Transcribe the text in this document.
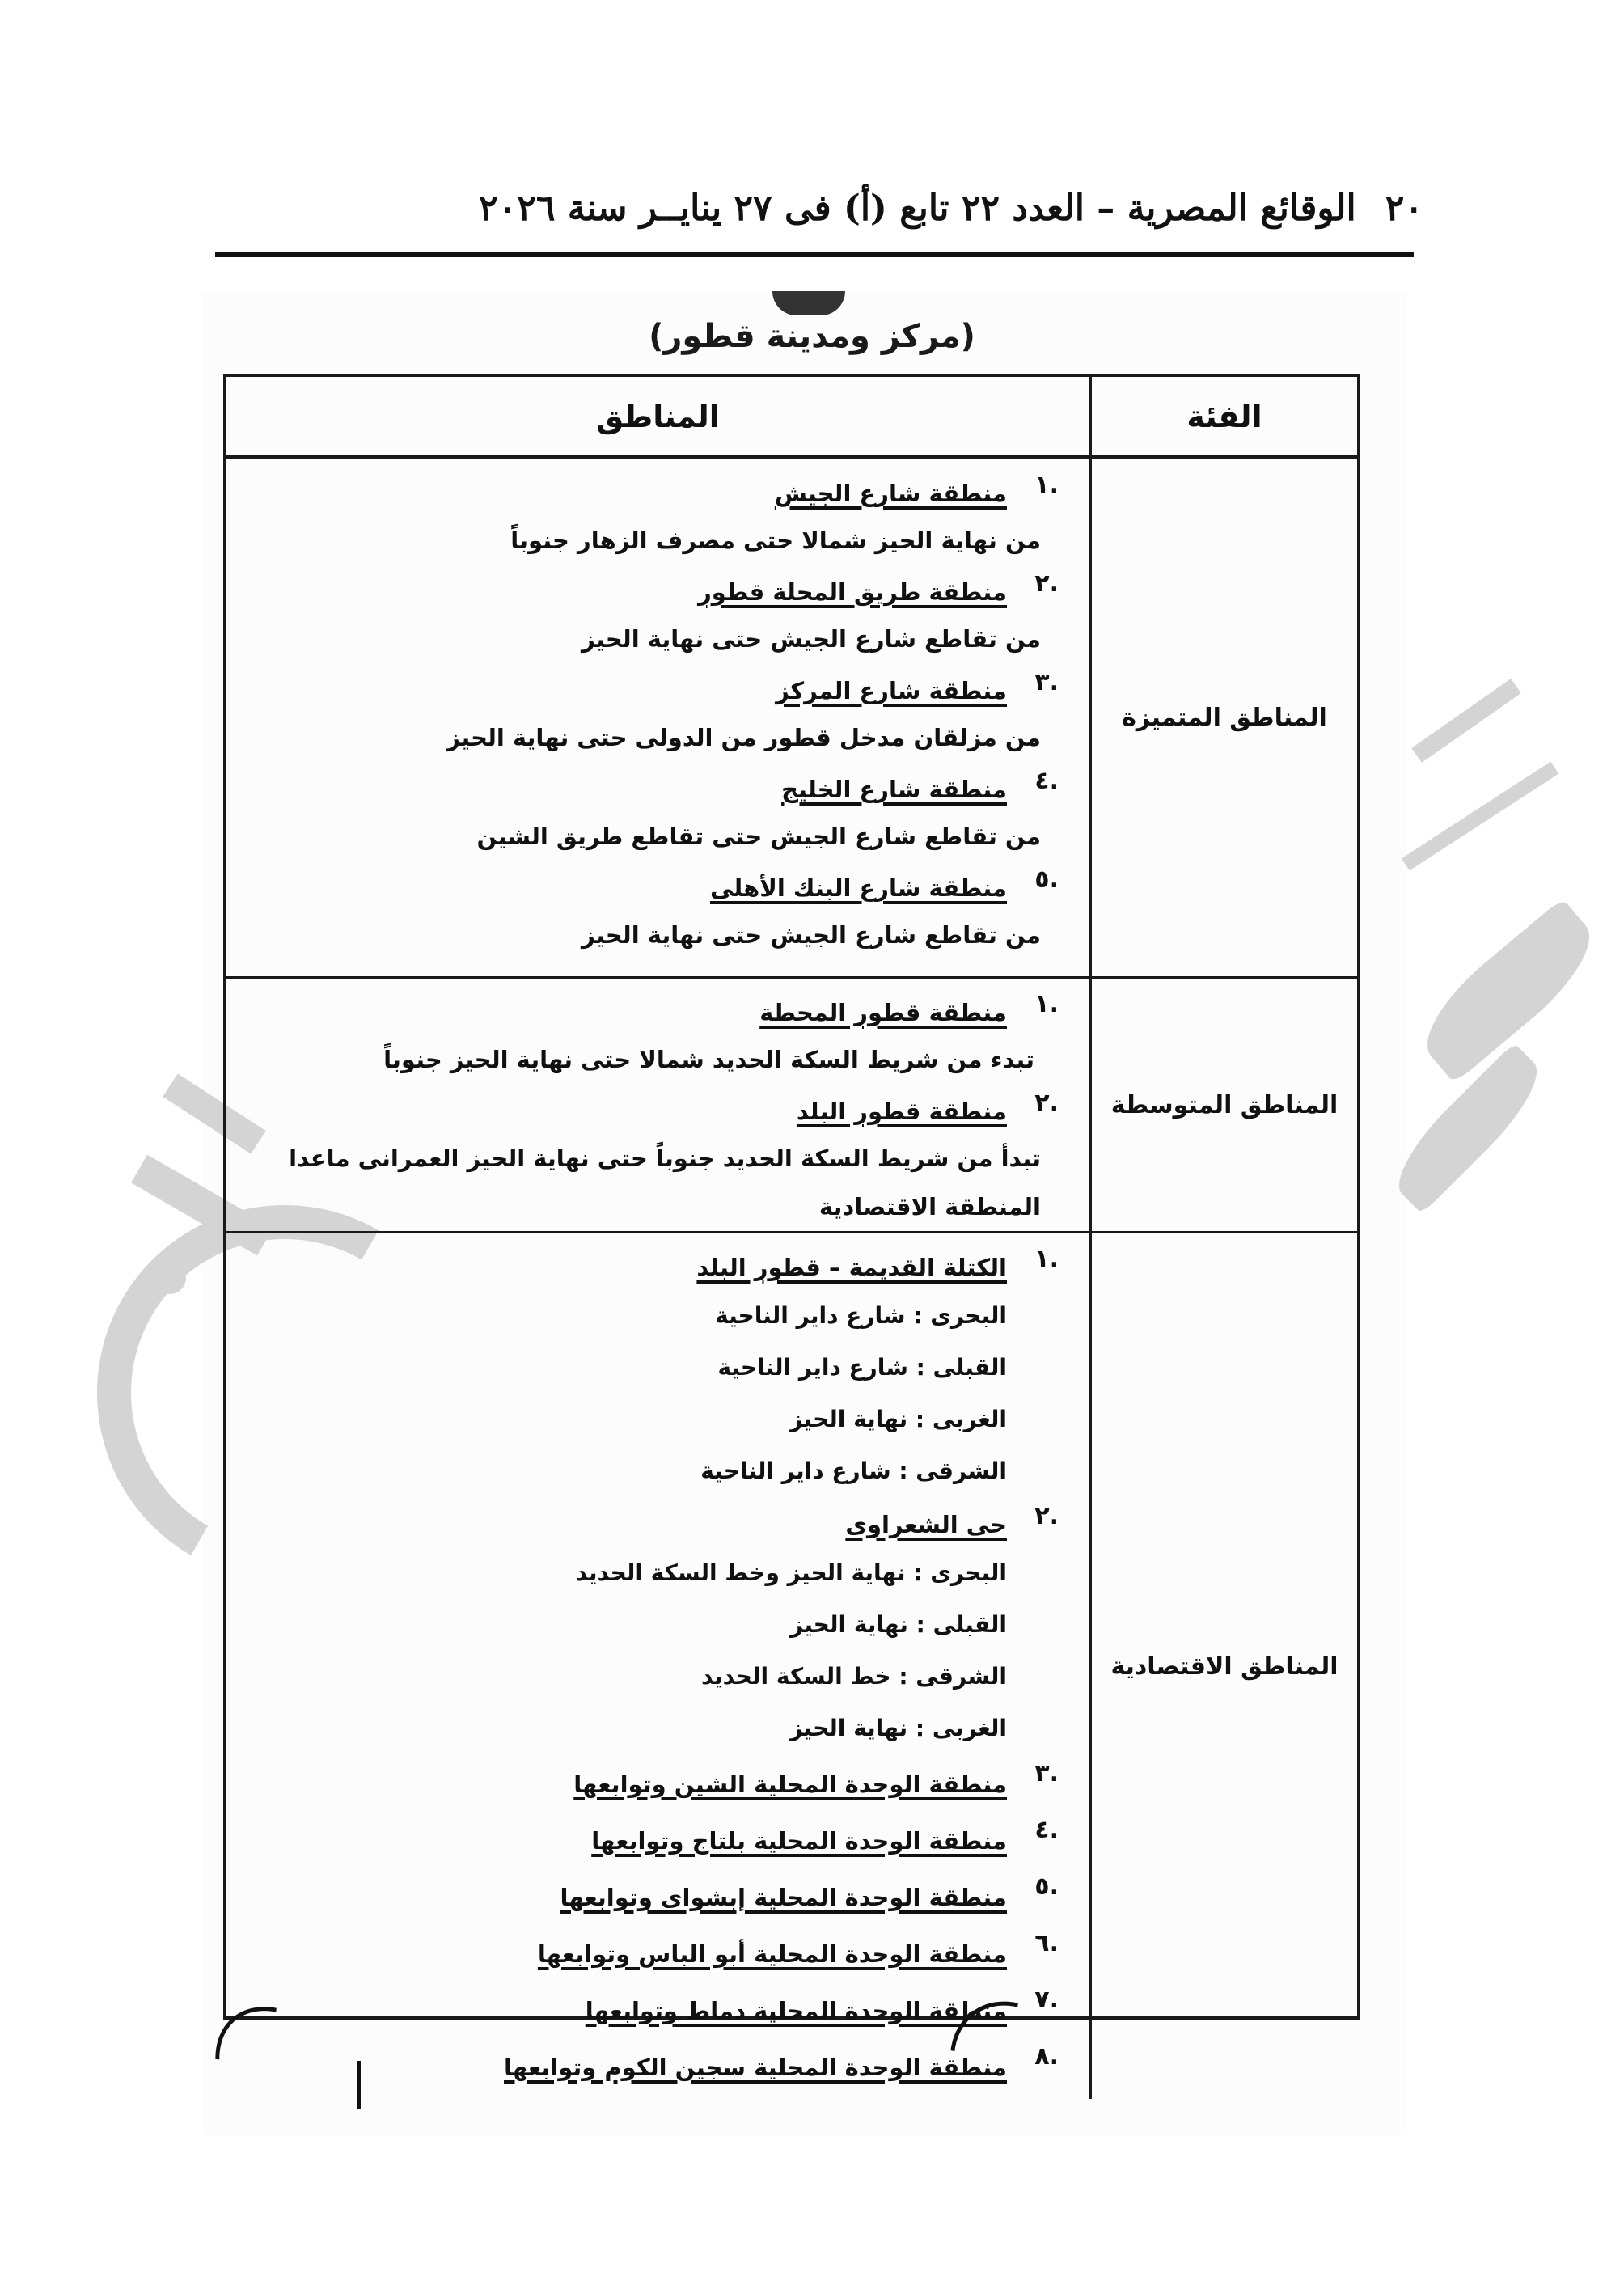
٢٠
الوقائع المصرية – العدد ٢٢ تابع (أ) فى ٢٧ ينايــر سنة ٢٠٢٦
(مركز ومدينة قطور)
المناطق	الفئة
.١
منطقة شارع الجيش
من نهاية الحيز شمالا حتى مصرف الزهار جنوباً
.٢
منطقة طريق المحلة قطور
من تقاطع شارع الجيش حتى نهاية الحيز
.٣
منطقة شارع المركز
من مزلقان مدخل قطور من الدولى حتى نهاية الحيز
.٤
منطقة شارع الخليج
من تقاطع شارع الجيش حتى تقاطع طريق الشين
.٥
منطقة شارع البنك الأهلى
من تقاطع شارع الجيش حتى نهاية الحيز
المناطق المتميزة
.١
منطقة قطور المحطة
تبدء من شريط السكة الحديد شمالا حتى نهاية الحيز جنوباً
.٢
منطقة قطور البلد
تبدأ من شريط السكة الحديد جنوباً حتى نهاية الحيز العمرانى ماعدا المنطقة الاقتصادية
المناطق المتوسطة
.١
الكتلة القديمة – قطور البلد
البحرى : شارع داير الناحية
القبلى : شارع داير الناحية
الغربى : نهاية الحيز
الشرقى : شارع داير الناحية
.٢
حى الشعراوى
البحرى : نهاية الحيز وخط السكة الحديد
القبلى : نهاية الحيز
الشرقى : خط السكة الحديد
الغربى : نهاية الحيز
.٣
منطقة الوحدة المحلية الشين وتوابعها
.٤
منطقة الوحدة المحلية بلتاج وتوابعها
.٥
منطقة الوحدة المحلية إبشواى وتوابعها
.٦
منطقة الوحدة المحلية أبو الباس وتوابعها
.٧
منطقة الوحدة المحلية دماط وتوابعها
.٨
منطقة الوحدة المحلية سجين الكوم وتوابعها
المناطق الاقتصادية
